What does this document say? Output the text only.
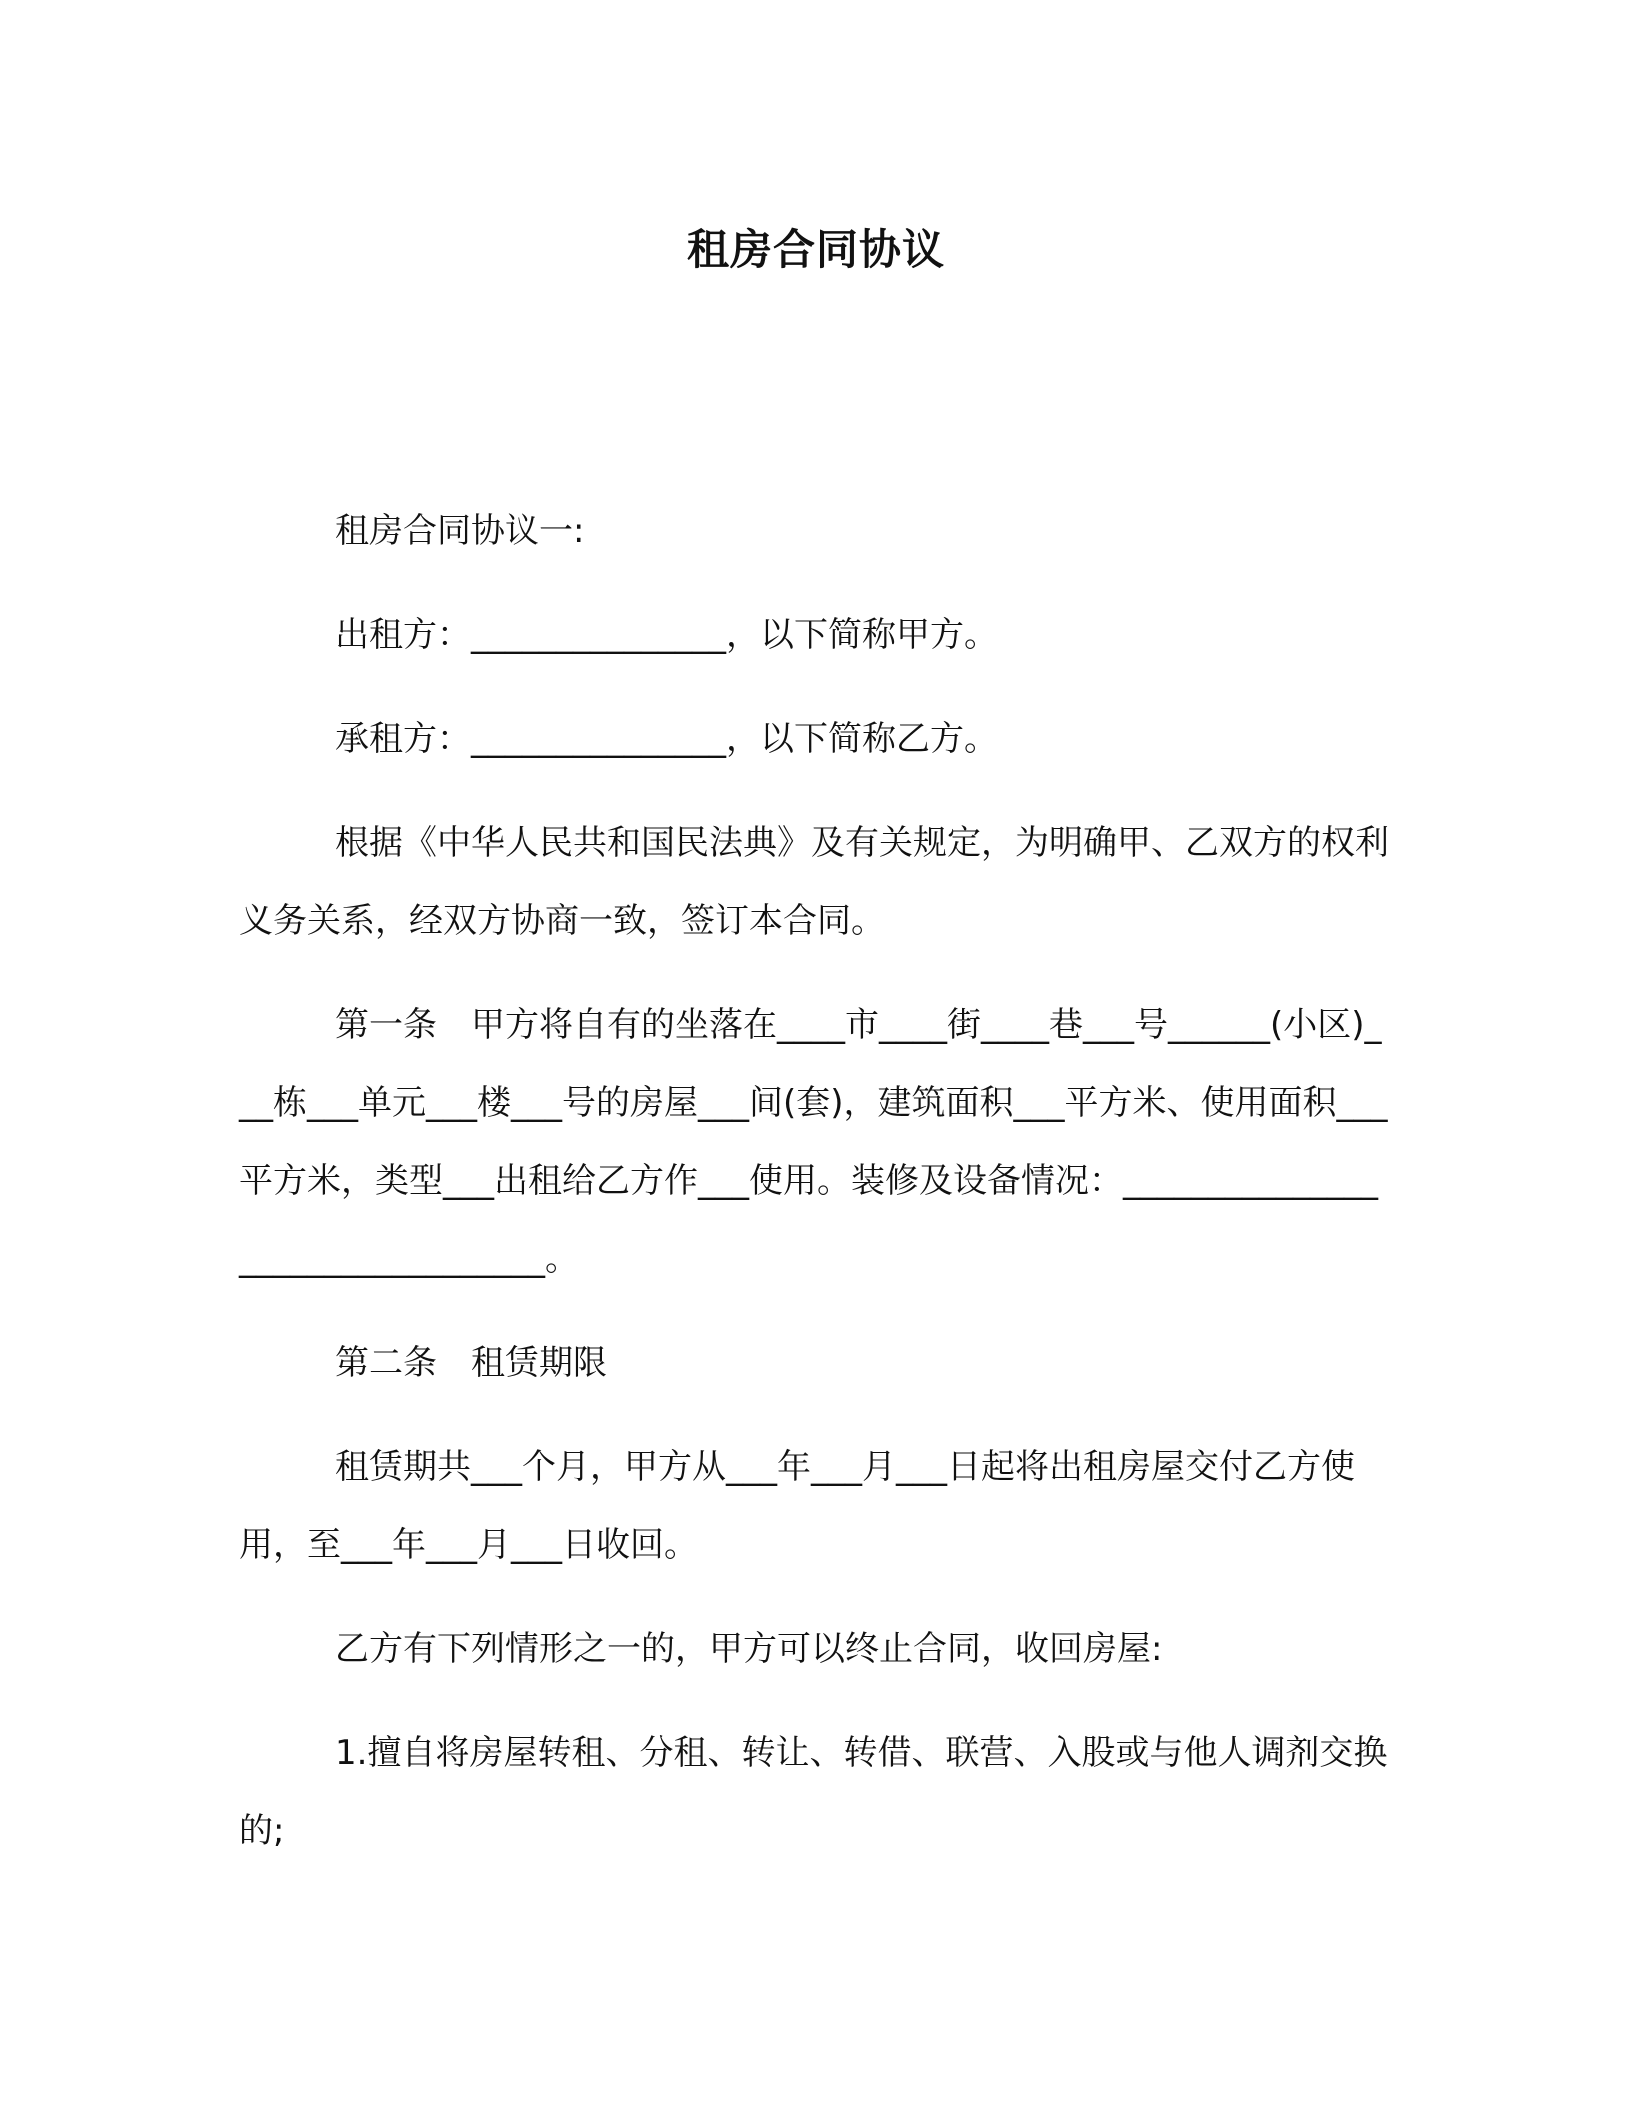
租房合同协议

租房合同协议一:

出租方：_______________，以下简称甲方。

承租方：_______________，以下简称乙方。

根据《中华人民共和国民法典》及有关规定，为明确甲、乙双方的权利义务关系，经双方协商一致，签订本合同。

第一条　甲方将自有的坐落在____市____街____巷___号______(小区)___栋___单元___楼___号的房屋___间(套)，建筑面积___平方米、使用面积___平方米，类型___出租给乙方作___使用。装修及设备情况：_________________________________。

第二条　租赁期限

租赁期共___个月，甲方从___年___月___日起将出租房屋交付乙方使用，至___年___月___日收回。

乙方有下列情形之一的，甲方可以终止合同，收回房屋:

1.擅自将房屋转租、分租、转让、转借、联营、入股或与他人调剂交换的;
